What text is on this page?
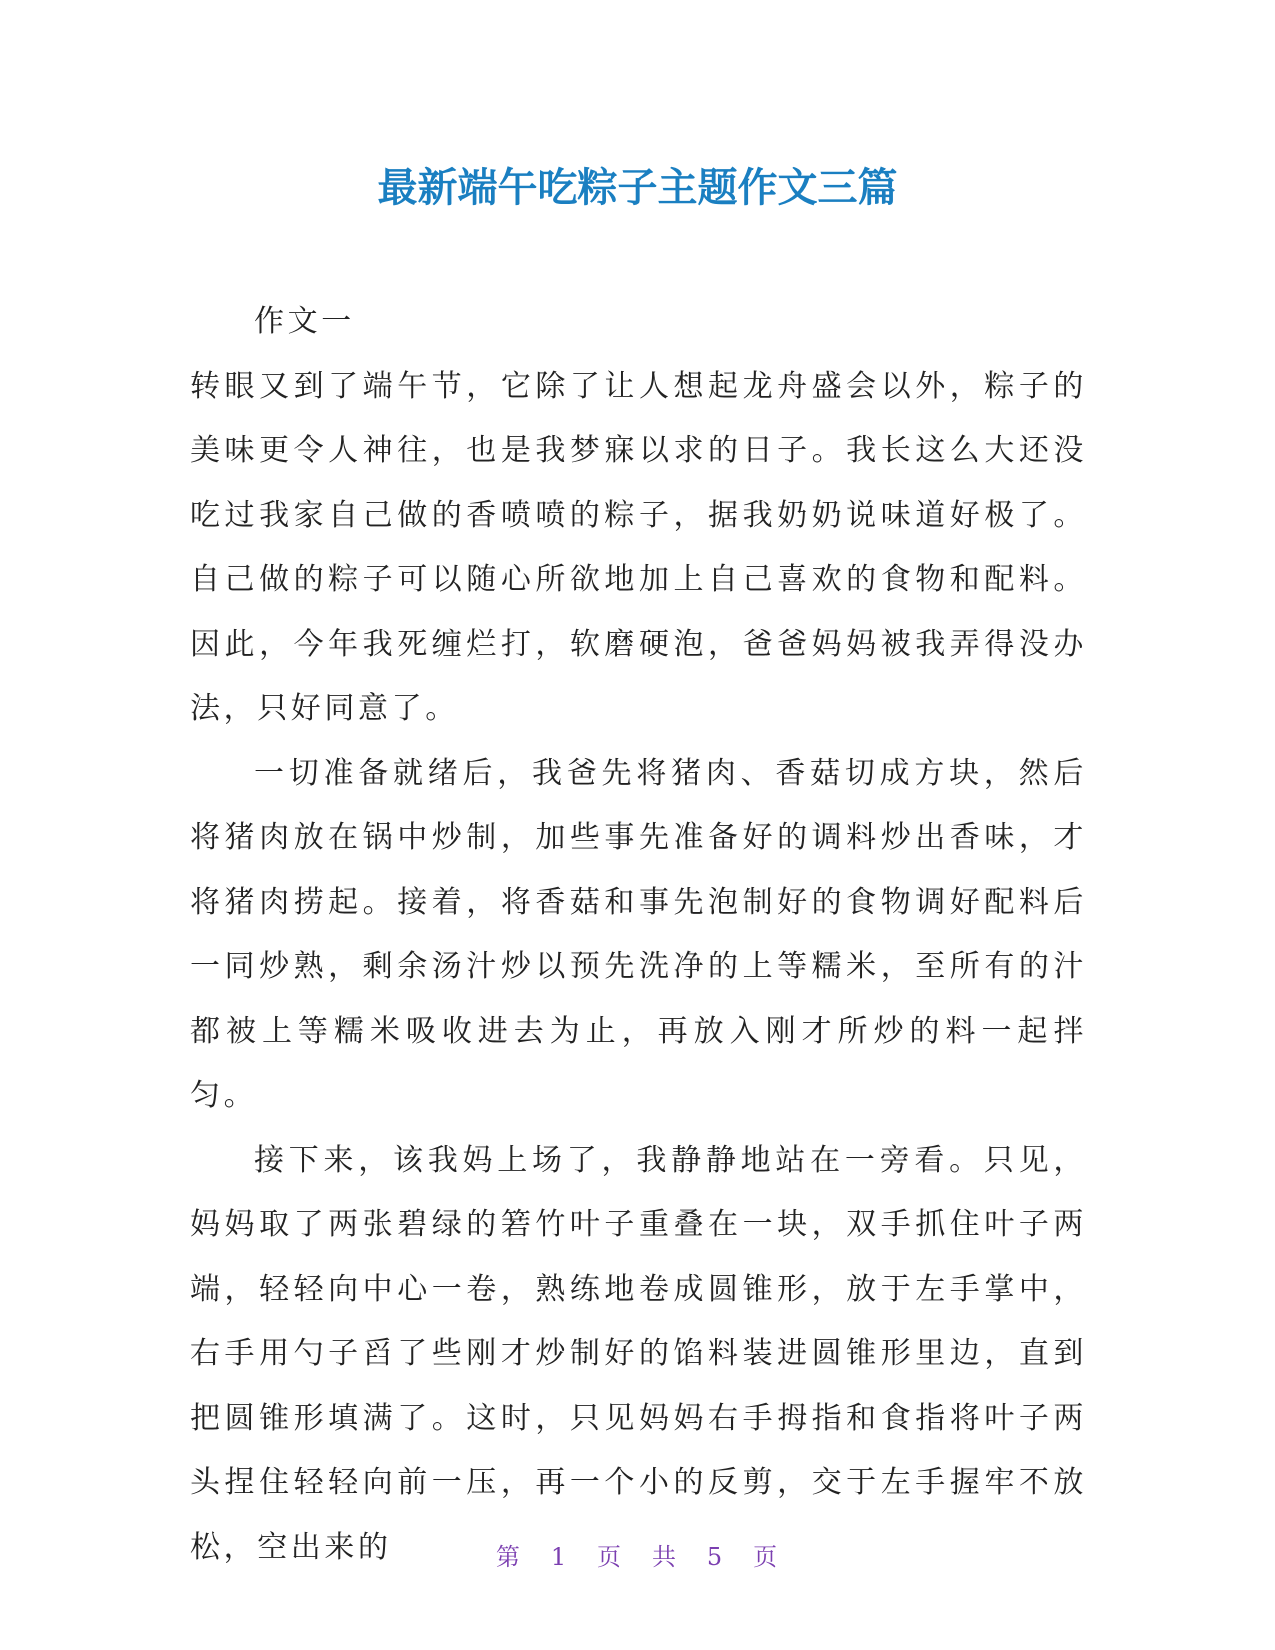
最新端午吃粽子主题作文三篇

作文一

转眼又到了端午节，它除了让人想起龙舟盛会以外，粽子的美味更令人神往，也是我梦寐以求的日子。我长这么大还没吃过我家自己做的香喷喷的粽子，据我奶奶说味道好极了。自己做的粽子可以随心所欲地加上自己喜欢的食物和配料。因此，今年我死缠烂打，软磨硬泡，爸爸妈妈被我弄得没办法，只好同意了。

一切准备就绪后，我爸先将猪肉、香菇切成方块，然后将猪肉放在锅中炒制，加些事先准备好的调料炒出香味，才将猪肉捞起。接着，将香菇和事先泡制好的食物调好配料后一同炒熟，剩余汤汁炒以预先洗净的上等糯米，至所有的汁都被上等糯米吸收进去为止，再放入刚才所炒的料一起拌匀。

接下来，该我妈上场了，我静静地站在一旁看。只见，妈妈取了两张碧绿的箬竹叶子重叠在一块，双手抓住叶子两端，轻轻向中心一卷，熟练地卷成圆锥形，放于左手掌中，右手用勺子舀了些刚才炒制好的馅料装进圆锥形里边，直到把圆锥形填满了。这时，只见妈妈右手拇指和食指将叶子两头捏住轻轻向前一压，再一个小的反剪，交于左手握牢不放松，空出来的	第 1 页 共 5 页
